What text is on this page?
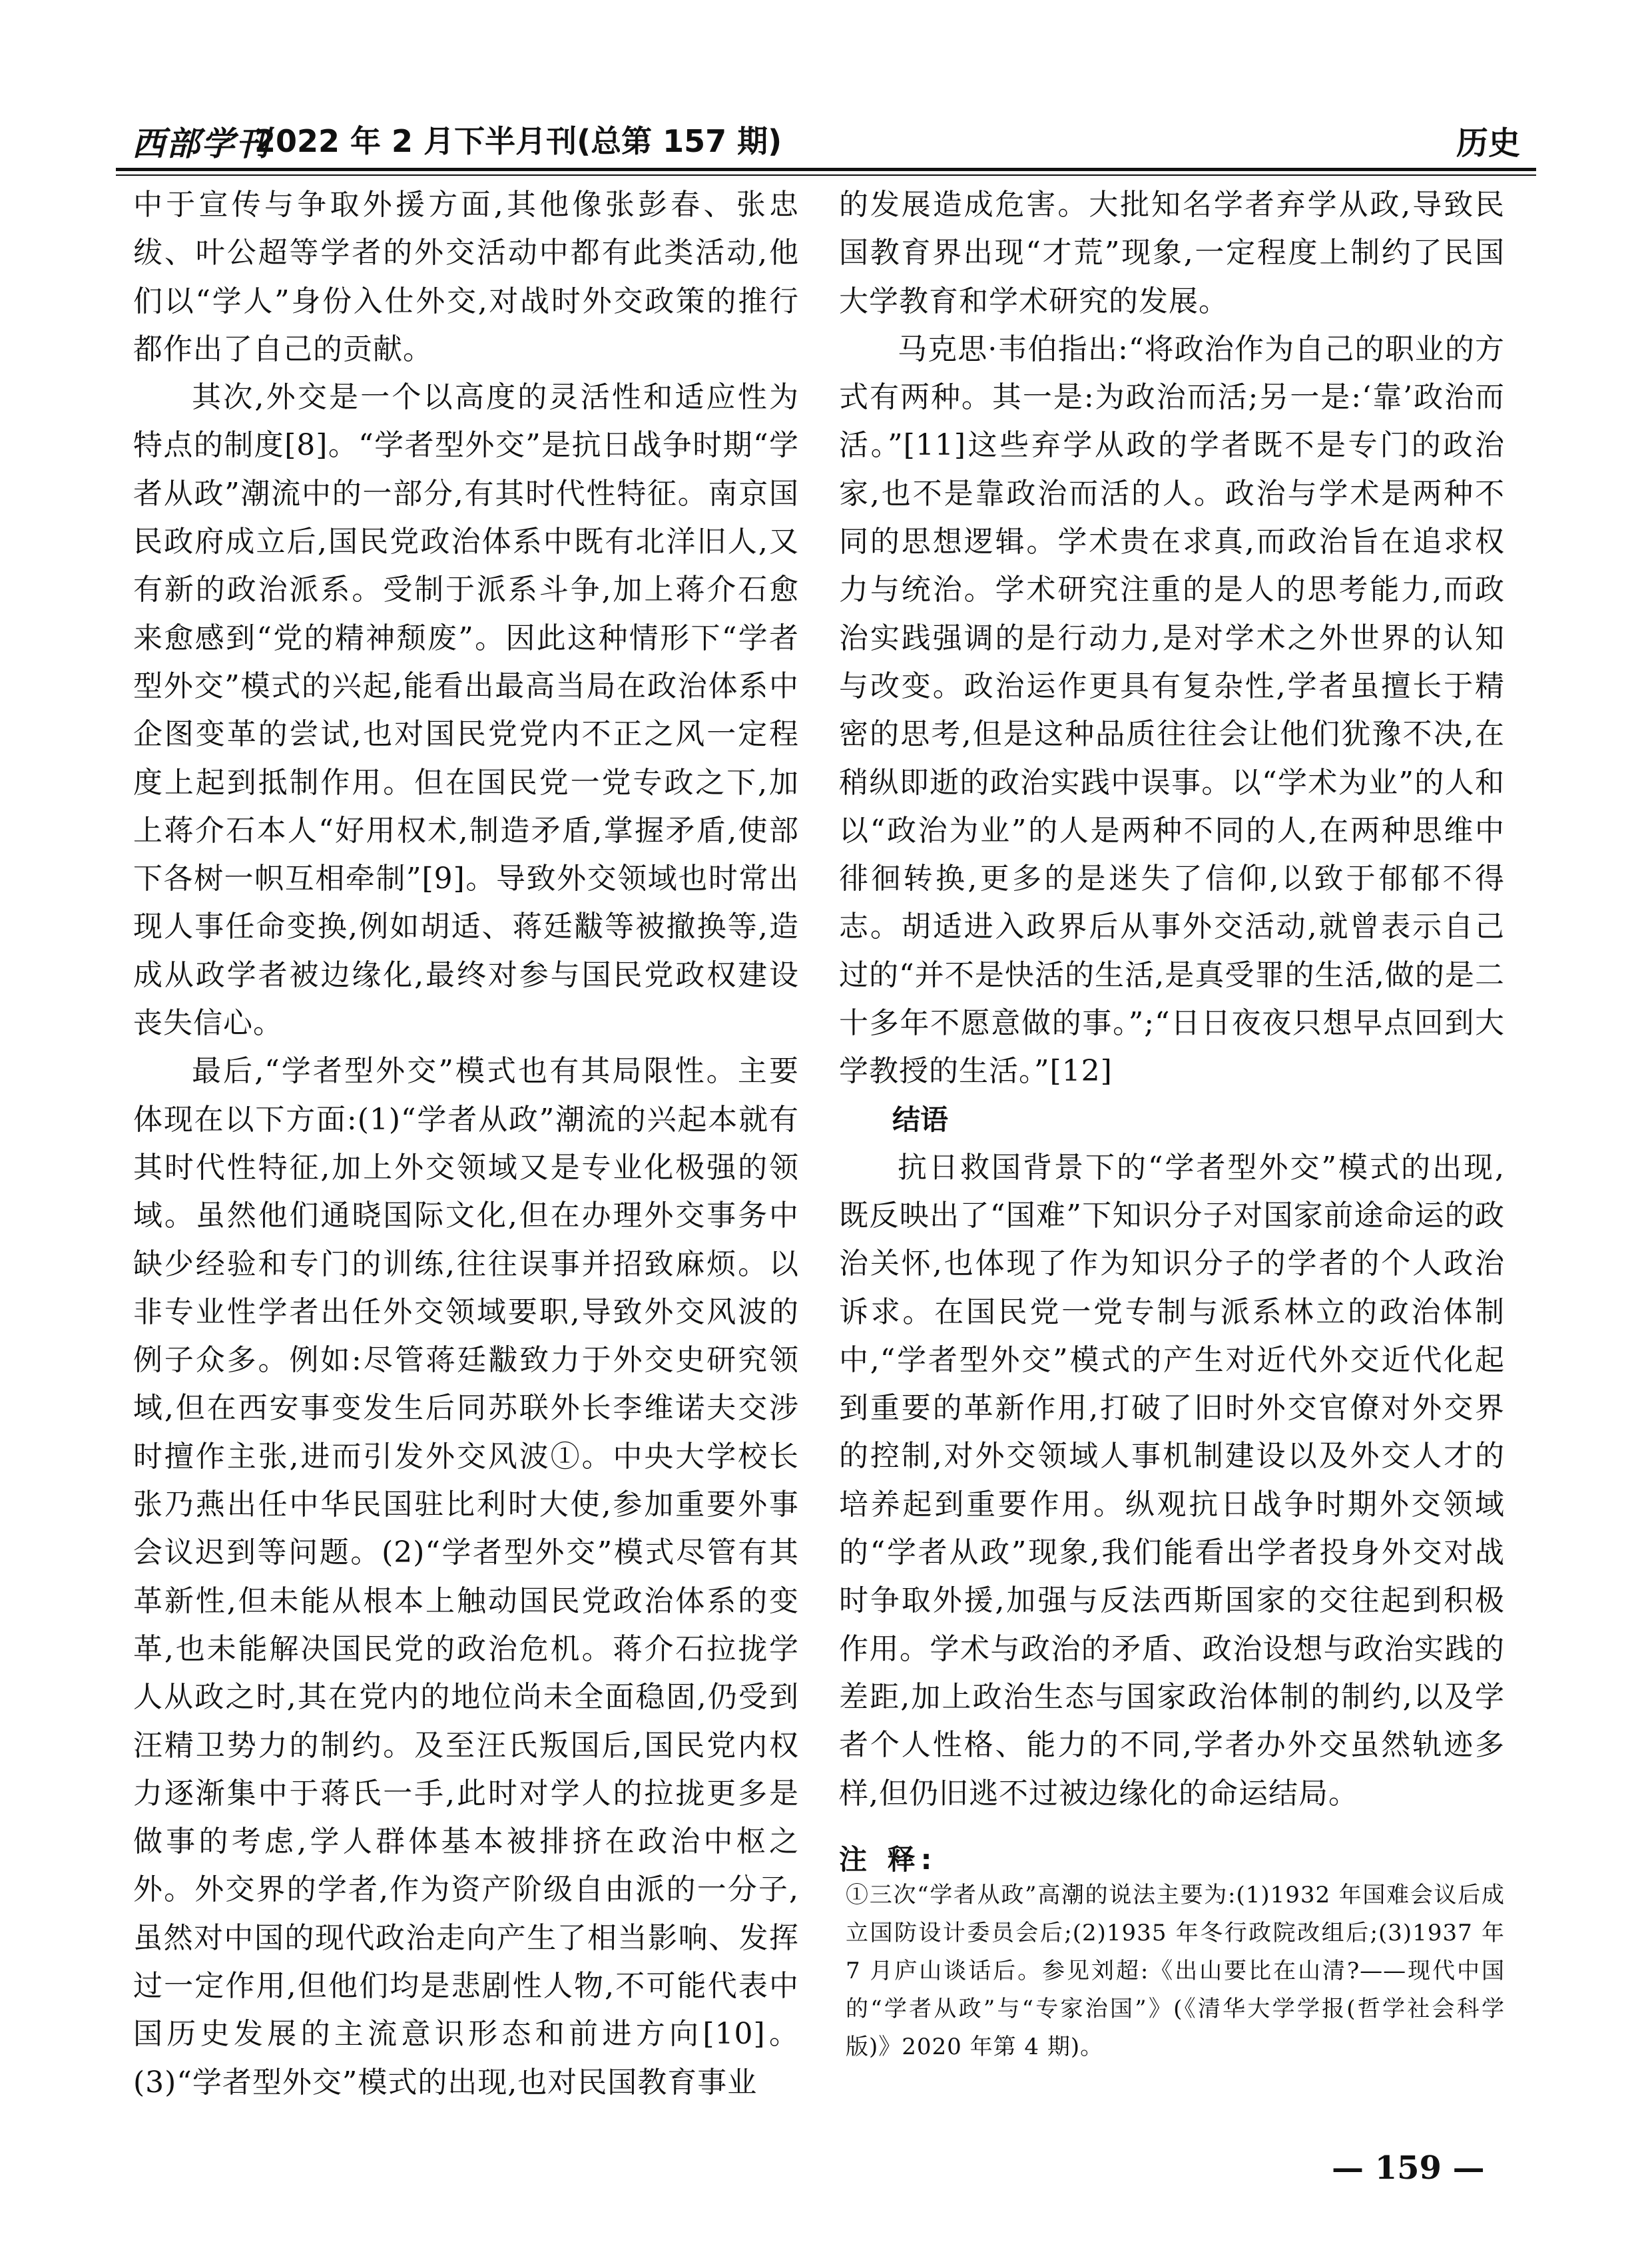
西部学刊
2022 年 2 月下半月刊(总第 157 期)	历史

中于宣传与争取外援方面,其他像张彭春、张忠绂、叶公超等学者的外交活动中都有此类活动,他们以“学人”身份入仕外交,对战时外交政策的推行都作出了自己的贡献。

其次,外交是一个以高度的灵活性和适应性为特点的制度[8]。“学者型外交”是抗日战争时期“学者从政”潮流中的一部分,有其时代性特征。南京国民政府成立后,国民党政治体系中既有北洋旧人,又有新的政治派系。受制于派系斗争,加上蒋介石愈来愈感到“党的精神颓废”。因此这种情形下“学者型外交”模式的兴起,能看出最高当局在政治体系中企图变革的尝试,也对国民党党内不正之风一定程度上起到抵制作用。但在国民党一党专政之下,加上蒋介石本人“好用权术,制造矛盾,掌握矛盾,使部下各树一帜互相牵制”[9]。导致外交领域也时常出现人事任命变换,例如胡适、蒋廷黻等被撤换等,造成从政学者被边缘化,最终对参与国民党政权建设丧失信心。

最后,“学者型外交”模式也有其局限性。主要体现在以下方面:(1)“学者从政”潮流的兴起本就有其时代性特征,加上外交领域又是专业化极强的领域。虽然他们通晓国际文化,但在办理外交事务中缺少经验和专门的训练,往往误事并招致麻烦。以非专业性学者出任外交领域要职,导致外交风波的例子众多。例如:尽管蒋廷黻致力于外交史研究领域,但在西安事变发生后同苏联外长李维诺夫交涉时擅作主张,进而引发外交风波①。中央大学校长张乃燕出任中华民国驻比利时大使,参加重要外事会议迟到等问题。(2)“学者型外交”模式尽管有其革新性,但未能从根本上触动国民党政治体系的变革,也未能解决国民党的政治危机。蒋介石拉拢学人从政之时,其在党内的地位尚未全面稳固,仍受到汪精卫势力的制约。及至汪氏叛国后,国民党内权力逐渐集中于蒋氏一手,此时对学人的拉拢更多是做事的考虑,学人群体基本被排挤在政治中枢之外。外交界的学者,作为资产阶级自由派的一分子,虽然对中国的现代政治走向产生了相当影响、发挥过一定作用,但他们均是悲剧性人物,不可能代表中国历史发展的主流意识形态和前进方向[10]。(3)“学者型外交”模式的出现,也对民国教育事业

的发展造成危害。大批知名学者弃学从政,导致民国教育界出现“才荒”现象,一定程度上制约了民国大学教育和学术研究的发展。

马克思·韦伯指出:“将政治作为自己的职业的方式有两种。其一是:为政治而活;另一是:‘靠’政治而活。”[11]这些弃学从政的学者既不是专门的政治家,也不是靠政治而活的人。政治与学术是两种不同的思想逻辑。学术贵在求真,而政治旨在追求权力与统治。学术研究注重的是人的思考能力,而政治实践强调的是行动力,是对学术之外世界的认知与改变。政治运作更具有复杂性,学者虽擅长于精密的思考,但是这种品质往往会让他们犹豫不决,在稍纵即逝的政治实践中误事。以“学术为业”的人和以“政治为业”的人是两种不同的人,在两种思维中徘徊转换,更多的是迷失了信仰,以致于郁郁不得志。胡适进入政界后从事外交活动,就曾表示自己过的“并不是快活的生活,是真受罪的生活,做的是二十多年不愿意做的事。”;“日日夜夜只想早点回到大学教授的生活。”[12]

结语

抗日救国背景下的“学者型外交”模式的出现,既反映出了“国难”下知识分子对国家前途命运的政治关怀,也体现了作为知识分子的学者的个人政治诉求。在国民党一党专制与派系林立的政治体制中,“学者型外交”模式的产生对近代外交近代化起到重要的革新作用,打破了旧时外交官僚对外交界的控制,对外交领域人事机制建设以及外交人才的培养起到重要作用。纵观抗日战争时期外交领域的“学者从政”现象,我们能看出学者投身外交对战时争取外援,加强与反法西斯国家的交往起到积极作用。学术与政治的矛盾、政治设想与政治实践的差距,加上政治生态与国家政治体制的制约,以及学者个人性格、能力的不同,学者办外交虽然轨迹多样,但仍旧逃不过被边缘化的命运结局。

注 释:

①三次“学者从政”高潮的说法主要为:(1)1932 年国难会议后成立国防设计委员会后;(2)1935 年冬行政院改组后;(3)1937 年 7 月庐山谈话后。参见刘超:《出山要比在山清?——现代中国的“学者从政”与“专家治国”》(《清华大学学报(哲学社会科学版)》2020 年第 4 期)。

— 159 —
